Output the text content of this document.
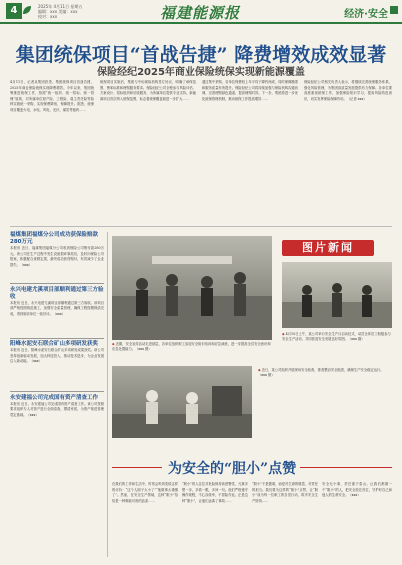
4	2025年 4月11日 星期五
编辑：xxx 美编：xxx
校对：xxx	福建能源报	经济·安全
集团统保项目“首战告捷” 降费增效成效显著
保险经纪2025年商业保险统保实现新能源覆盖
4月11日，记者从集团获悉，集团统保项目首战告捷，2025年商业保险统保实现降费增效。今年以来，集团统筹推进统保工作，按照“统一组织、统一招标、统一管理”原则，对所属单位财产险、工程险、雇主责任险等险种实施统一采购，实现保费降低、保障提升。据悉，统保项目覆盖火电、水电、风电、光伏、煤炭等板块……
统保项目实施后，集团与中标保险机构签订协议，明确了承保范围、费率标准和理赔服务要求。保险经纪公司全程参与风险评估、方案设计、招标组织和后续服务，为所属单位提供专业支持。新能源项目首次纳入统保范围，标志着统保覆盖面进一步扩大……
通过集中采购，各单位保费较上年平均下降约两成，同时保障额度和服务质量有所提升。保险经纪公司将持续加强与保险机构沟通协调，完善理赔绿色通道，提高理赔时效。下一步，集团将进一步优化统保管理机制，推动统保工作提质增效……
保险经纪公司相关负责人表示，将继续完善统保服务体系，强化风险管理，为集团高质量发展提供有力保障。各单位要高度重视统保工作，加强保险知识学习，提高风险防范意识，切实发挥保险保障作用。（记者 xxx）
福煤集团福煤分公司成功获保险赔款280万元
本报讯 近日，福煤集团福煤分公司收到保险公司赔付款280万元。该公司在生产过程中发生设备损坏事故后，及时向保险公司报案，积极配合查勘定损，最终成功获得赔付，有效减少了企业损失。（xxx）
永兴电建尤溪项目部顺利通过第三方验收
本报讯 近日，永兴电建尤溪项目部顺利通过第三方验收。该项目部严格按照规范施工，加强安全质量管理，确保工程按期保质完成，得到验收单位一致好评。（xxx）
阳峰水泥安石联合矿山多项研发获奖
本报讯 近日，阳峰水泥安石联合矿山多项研发成果获奖。该公司坚持创新驱动发展，加大科技投入，推动技术进步，为企业发展注入新动能。（xxx）
永安建福公司完成国有资产清查工作
本报讯 近日，永安建福公司完成国有资产清查工作。该公司按照要求组织专人对资产进行全面清查，摸清家底，为资产规范管理奠定基础。（xxx）
图片新闻
◆ 近期，安全宣传活动走进基层，各单位组织职工参加安全知识培训和应急演练，进一步提高全员安全意识和应急处置能力。（xxx 摄）
◆ 4月10日上午，某公司举行安全生产月启动仪式，动员全体员工积极参与安全生产活动，共同营造安全发展良好氛围。（xxx 摄）
◆ 近日，某公司组织开展现场安全检查，排查整治安全隐患，确保生产安全稳定运行。（xxx 摄）
为安全的“胆小”点赞
在我们的工作和生活中，时常会听到类似这样的评价：“这个人胆子太小了”“他做事太谨慎了”。然而，在安全生产领域，这种“胆小”恰恰是一种难能可贵的品质……
“胆小”的人往往对危险保持高度警觉，凡事多想一步，多看一眼，多问一句。他们严格遵守操作规程，不心存侥幸，不冒险作业。正是这种“胆小”，让他们远离了事故……
“胆小”不是懦弱，而是对生命的敬畏、对责任的担当。我们要为这样的“胆小”点赞，让“胆小”成为每一位职工的自觉行动，筑牢安全生产防线……
安全无小事，责任重于泰山。让我们都做一个“胆小”的人，把安全放在首位，守护好自己和他人的生命安全。（xxx）
